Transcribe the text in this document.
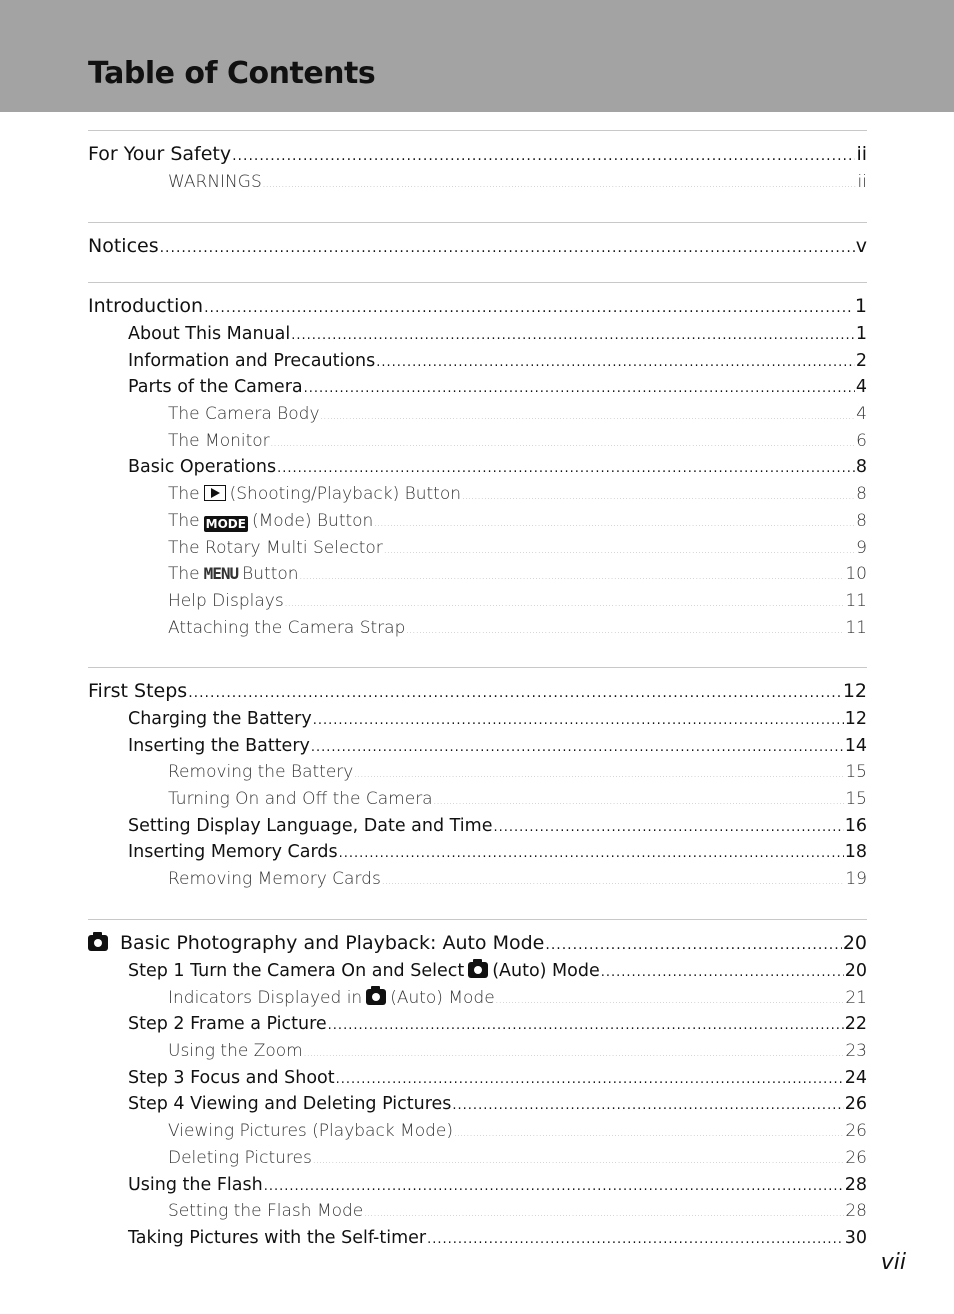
Table of Contents
For Your Safety .....	ii
WARNINGS .....	ii
Notices .....	v
Introduction .....	1
About This Manual .....	1
Information and Precautions .....	2
Parts of the Camera .....	4
The Camera Body .....	4
The Monitor .....	6
Basic Operations .....	8
The (Shooting/Playback) Button .....	8
The MODE (Mode) Button .....	8
The Rotary Multi Selector .....	9
The MENU Button .....	10
Help Displays .....	11
Attaching the Camera Strap .....	11
First Steps .....	12
Charging the Battery .....	12
Inserting the Battery .....	14
Removing the Battery .....	15
Turning On and Off the Camera .....	15
Setting Display Language, Date and Time .....	16
Inserting Memory Cards .....	18
Removing Memory Cards .....	19
Basic Photography and Playback: Auto Mode .....	20
Step 1 Turn the Camera On and Select (Auto) Mode .....	20
Indicators Displayed in (Auto) Mode .....	21
Step 2 Frame a Picture .....	22
Using the Zoom .....	23
Step 3 Focus and Shoot .....	24
Step 4 Viewing and Deleting Pictures .....	26
Viewing Pictures (Playback Mode) .....	26
Deleting Pictures .....	26
Using the Flash .....	28
Setting the Flash Mode .....	28
Taking Pictures with the Self-timer .....	30
vii
